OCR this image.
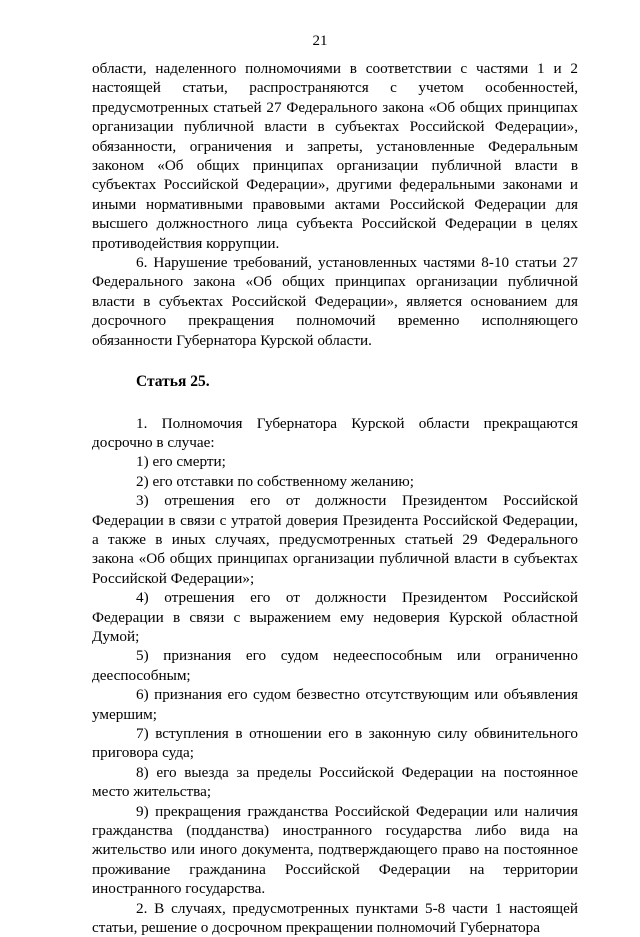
21

области, наделенного полномочиями в соответствии с частями 1 и 2 настоящей статьи, распространяются с учетом особенностей, предусмотренных статьей 27 Федерального закона «Об общих принципах организации публичной власти в субъектах Российской Федерации», обязанности, ограничения и запреты, установленные Федеральным законом «Об общих принципах организации публичной власти в субъектах Российской Федерации», другими федеральными законами и иными нормативными правовыми актами Российской Федерации для высшего должностного лица субъекта Российской Федерации в целях противодействия коррупции.

6. Нарушение требований, установленных частями 8-10 статьи 27 Федерального закона «Об общих принципах организации публичной власти в субъектах Российской Федерации», является основанием для досрочного прекращения полномочий временно исполняющего обязанности Губернатора Курской области.

Статья 25.

1. Полномочия Губернатора Курской области прекращаются досрочно в случае:

1) его смерти;

2) его отставки по собственному желанию;

3) отрешения его от должности Президентом Российской Федерации в связи с утратой доверия Президента Российской Федерации, а также в иных случаях, предусмотренных статьей 29 Федерального закона «Об общих принципах организации публичной власти в субъектах Российской Федерации»;

4) отрешения его от должности Президентом Российской Федерации в связи с выражением ему недоверия Курской областной Думой;

5) признания его судом недееспособным или ограниченно дееспособным;

6) признания его судом безвестно отсутствующим или объявления умершим;

7) вступления в отношении его в законную силу обвинительного приговора суда;

8) его выезда за пределы Российской Федерации на постоянное место жительства;

9) прекращения гражданства Российской Федерации или наличия гражданства (подданства) иностранного государства либо вида на жительство или иного документа, подтверждающего право на постоянное проживание гражданина Российской Федерации на территории иностранного государства.

2. В случаях, предусмотренных пунктами 5-8 части 1 настоящей статьи, решение о досрочном прекращении полномочий Губернатора
